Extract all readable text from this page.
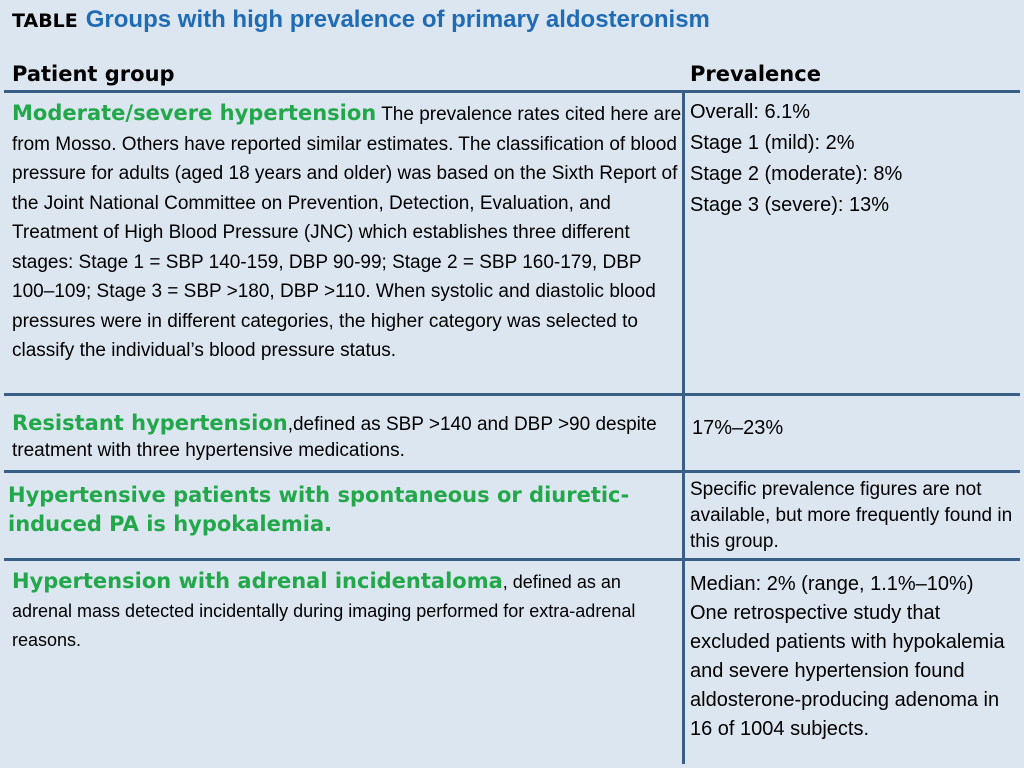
TABLE Groups with high prevalence of primary aldosteronism
Patient group	Prevalence
Moderate/severe hypertension The prevalence rates cited here are from Mosso. Others have reported similar estimates. The classification of blood pressure for adults (aged 18 years and older) was based on the Sixth Report of the Joint National Committee on Prevention, Detection, Evaluation, and Treatment of High Blood Pressure (JNC) which establishes three different stages: Stage 1 = SBP 140-159, DBP 90-99; Stage 2 = SBP 160-179, DBP 100–109; Stage 3 = SBP >180, DBP >110. When systolic and diastolic blood pressures were in different categories, the higher category was selected to classify the individual’s blood pressure status.
Overall: 6.1%
Stage 1 (mild): 2%
Stage 2 (moderate): 8%
Stage 3 (severe): 13%
Resistant hypertension,defined as SBP >140 and DBP >90 despite treatment with three hypertensive medications.
17%–23%
Hypertensive patients with spontaneous or diuretic-induced PA is hypokalemia.
Specific prevalence figures are not available, but more frequently found in this group.
Hypertension with adrenal incidentaloma, defined as an adrenal mass detected incidentally during imaging performed for extra-adrenal reasons.
Median: 2% (range, 1.1%–10%)
One retrospective study that excluded patients with hypokalemia and severe hypertension found aldosterone-producing adenoma in 16 of 1004 subjects.
